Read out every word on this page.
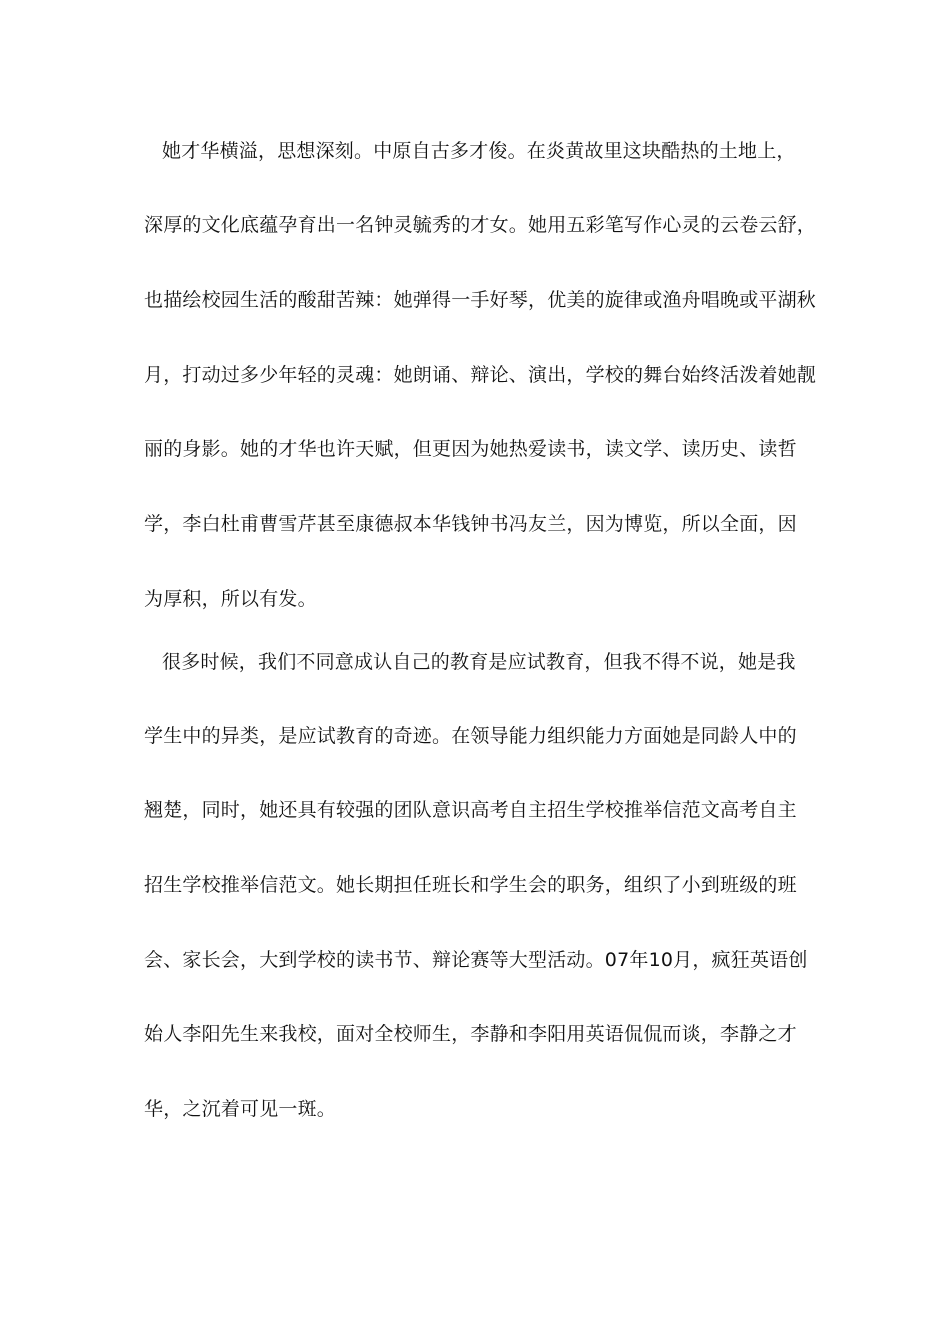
她才华横溢，思想深刻。中原自古多才俊。在炎黄故里这块酷热的土地上，
深厚的文化底蕴孕育出一名钟灵毓秀的才女。她用五彩笔写作心灵的云卷云舒，
也描绘校园生活的酸甜苦辣：她弹得一手好琴，优美的旋律或渔舟唱晚或平湖秋
月，打动过多少年轻的灵魂：她朗诵、辩论、演出，学校的舞台始终活泼着她靓
丽的身影。她的才华也许天赋，但更因为她热爱读书，读文学、读历史、读哲
学，李白杜甫曹雪芹甚至康德叔本华钱钟书冯友兰，因为博览，所以全面，因
为厚积，所以有发。
很多时候，我们不同意成认自己的教育是应试教育，但我不得不说，她是我
学生中的异类，是应试教育的奇迹。在领导能力组织能力方面她是同龄人中的
翘楚，同时，她还具有较强的团队意识高考自主招生学校推举信范文高考自主
招生学校推举信范文。她长期担任班长和学生会的职务，组织了小到班级的班
会、家长会，大到学校的读书节、辩论赛等大型活动。07年10月，疯狂英语创
始人李阳先生来我校，面对全校师生，李静和李阳用英语侃侃而谈，李静之才
华，之沉着可见一斑。
